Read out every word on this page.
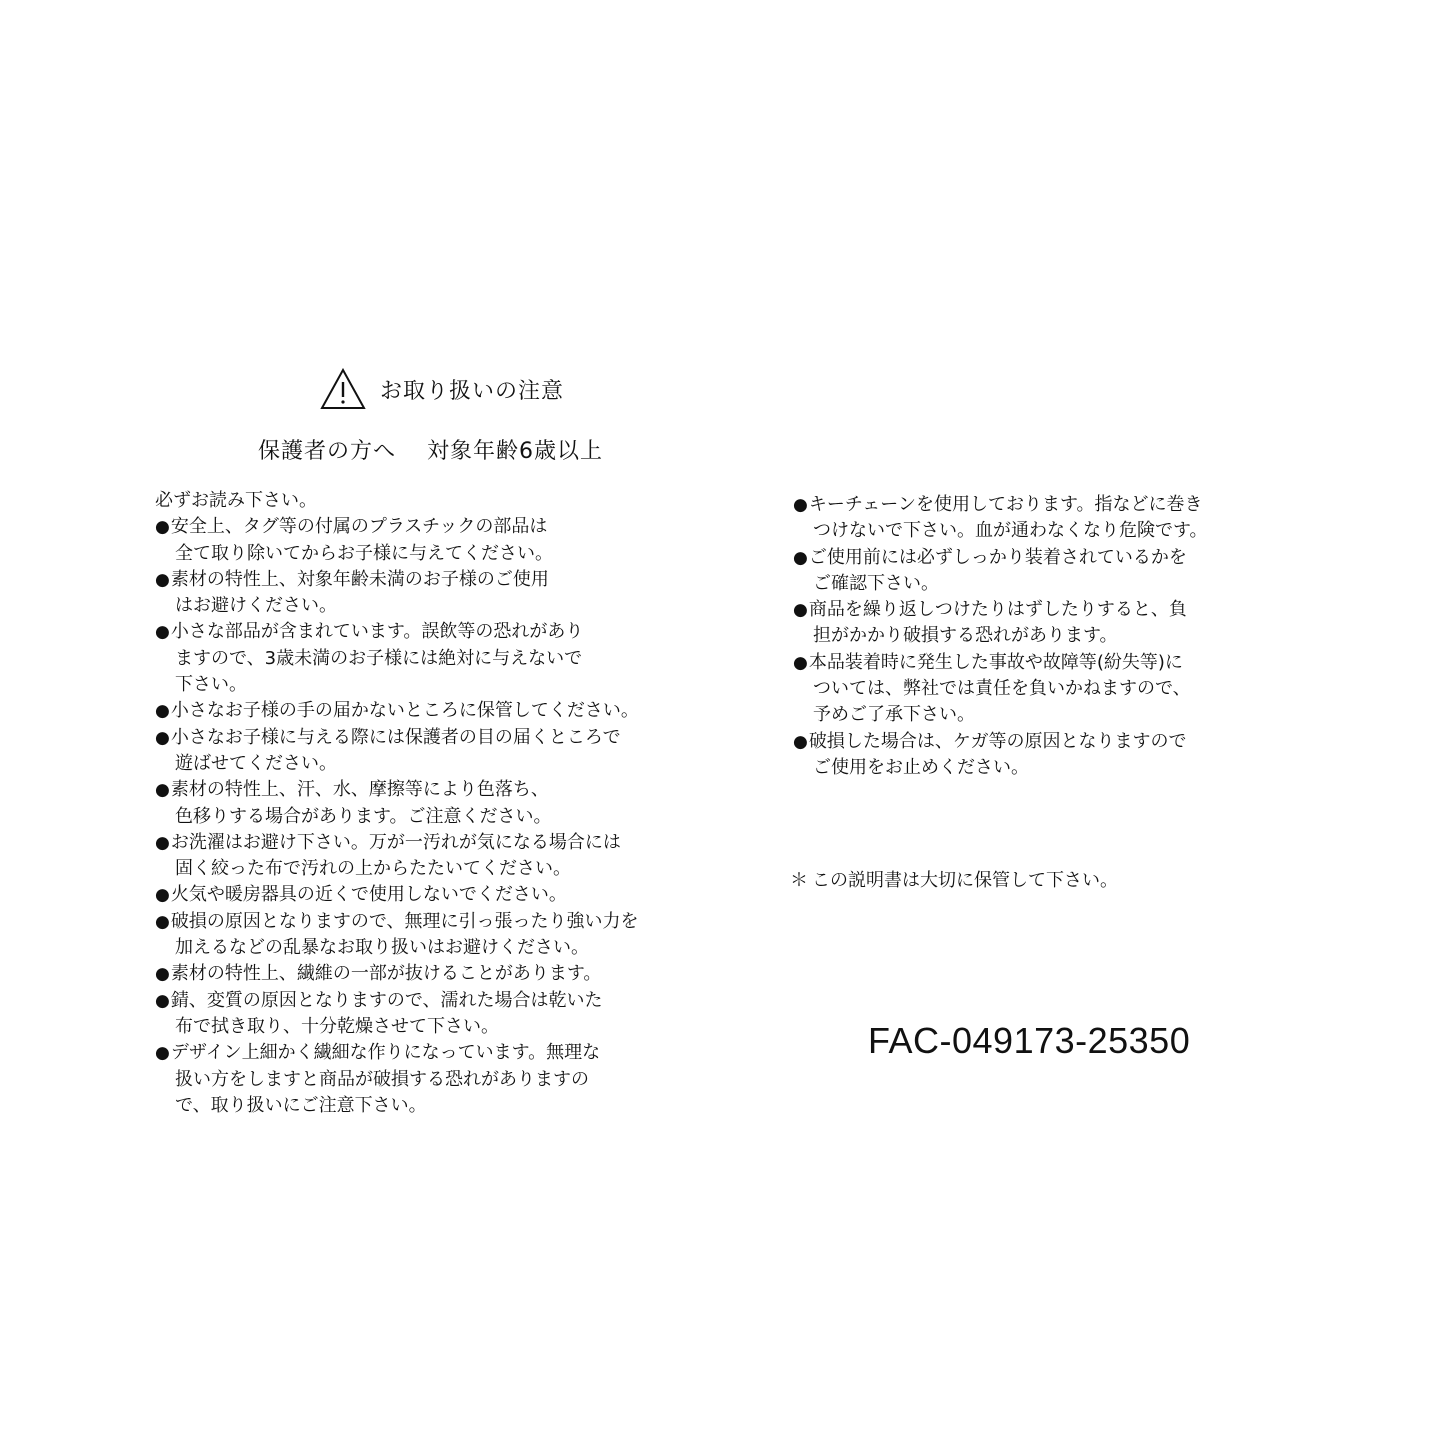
お取り扱いの注意
保護者の方へ　 対象年齢6歳以上
必ずお読み下さい。
●安全上、タグ等の付属のプラスチックの部品は
全て取り除いてからお子様に与えてください。
●素材の特性上、対象年齢未満のお子様のご使用
はお避けください。
●小さな部品が含まれています。誤飲等の恐れがあり
ますので、3歳未満のお子様には絶対に与えないで
下さい。
●小さなお子様の手の届かないところに保管してください。
●小さなお子様に与える際には保護者の目の届くところで
遊ばせてください。
●素材の特性上、汗、水、摩擦等により色落ち、
色移りする場合があります。ご注意ください。
●お洗濯はお避け下さい。万が一汚れが気になる場合には
固く絞った布で汚れの上からたたいてください。
●火気や暖房器具の近くで使用しないでください。
●破損の原因となりますので、無理に引っ張ったり強い力を
加えるなどの乱暴なお取り扱いはお避けください。
●素材の特性上、繊維の一部が抜けることがあります。
●錆、変質の原因となりますので、濡れた場合は乾いた
布で拭き取り、十分乾燥させて下さい。
●デザイン上細かく繊細な作りになっています。無理な
扱い方をしますと商品が破損する恐れがありますの
で、取り扱いにご注意下さい。
●キーチェーンを使用しております。指などに巻き
つけないで下さい。血が通わなくなり危険です。
●ご使用前には必ずしっかり装着されているかを
ご確認下さい。
●商品を繰り返しつけたりはずしたりすると、負
担がかかり破損する恐れがあります。
●本品装着時に発生した事故や故障等(紛失等)に
ついては、弊社では責任を負いかねますので、
予めご了承下さい。
●破損した場合は、ケガ等の原因となりますので
ご使用をお止めください。
＊ この説明書は大切に保管して下さい。
FAC-049173-25350
